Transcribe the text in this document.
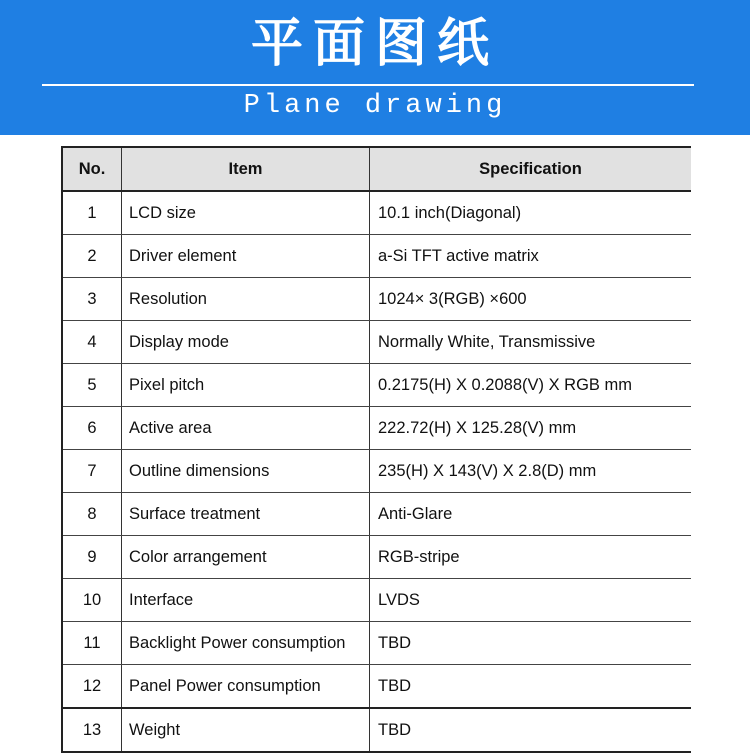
平面图纸
Plane drawing
No.	Item	Specification
1	LCD size	10.1 inch(Diagonal)
2	Driver element	a-Si TFT active matrix
3	Resolution	1024× 3(RGB) ×600
4	Display mode	Normally White, Transmissive
5	Pixel pitch	0.2175(H) X 0.2088(V) X RGB mm
6	Active area	222.72(H) X 125.28(V) mm
7	Outline dimensions	235(H) X 143(V) X 2.8(D) mm
8	Surface treatment	Anti-Glare
9	Color arrangement	RGB-stripe
10	Interface	LVDS
11	Backlight Power consumption	TBD
12	Panel Power consumption	TBD
13	Weight	TBD
